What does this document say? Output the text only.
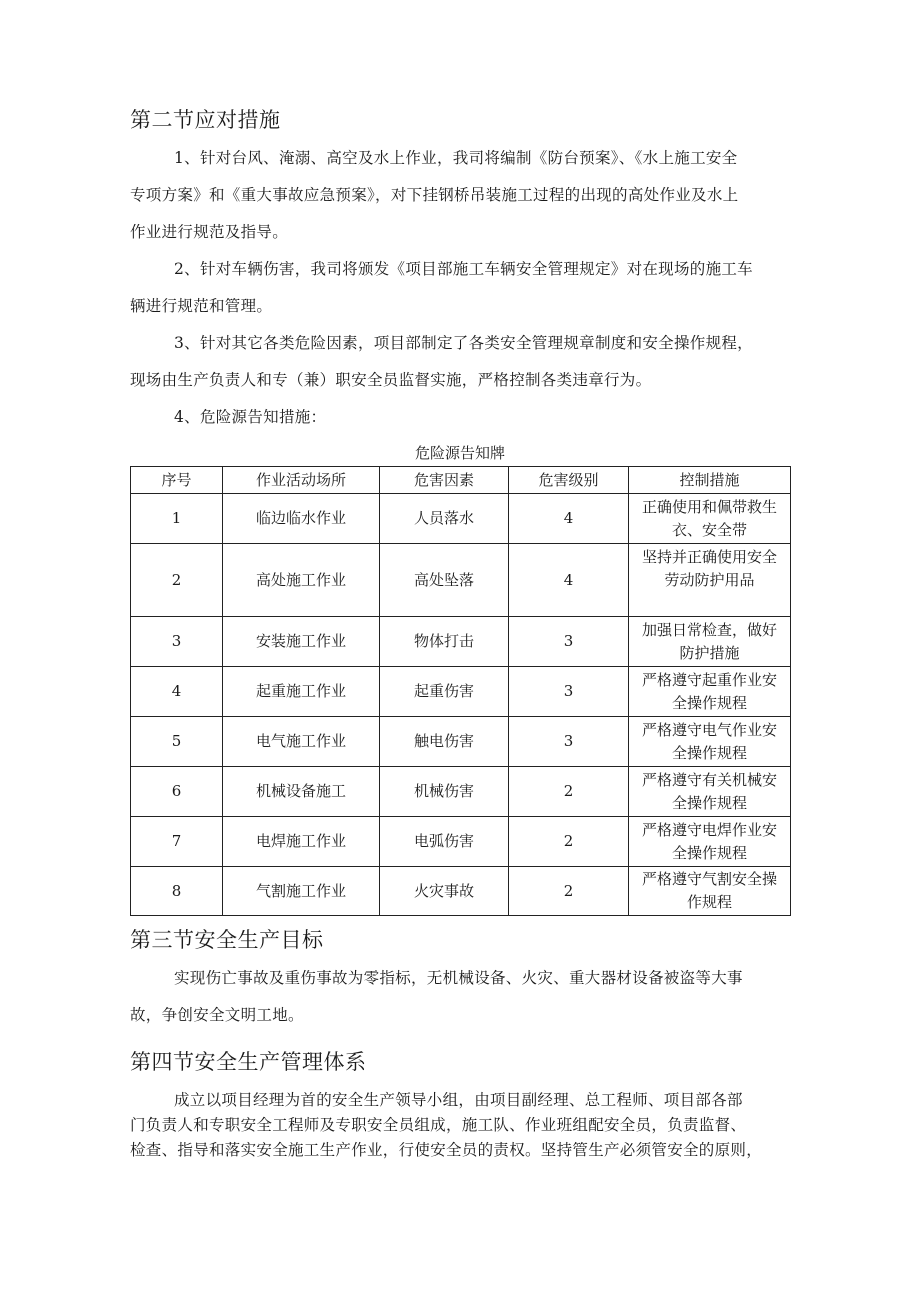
第二节应对措施
1、针对台风、淹溺、高空及水上作业，我司将编制《防台预案》、《水上施工安全
专项方案》和《重大事故应急预案》，对下挂钢桥吊装施工过程的出现的高处作业及水上
作业进行规范及指导。
2、针对车辆伤害，我司将颁发《项目部施工车辆安全管理规定》对在现场的施工车
辆进行规范和管理。
3、针对其它各类危险因素，项目部制定了各类安全管理规章制度和安全操作规程，
现场由生产负责人和专（兼）职安全员监督实施，严格控制各类违章行为。
4、危险源告知措施：
危险源告知牌
序号	作业活动场所	危害因素	危害级别	控制措施
1	临边临水作业	人员落水	4	正确使用和佩带救生
衣、安全带
2	高处施工作业	高处坠落	4	坚持并正确使用安全
劳动防护用品
3	安装施工作业	物体打击	3	加强日常检查，做好
防护措施
4	起重施工作业	起重伤害	3	严格遵守起重作业安
全操作规程
5	电气施工作业	触电伤害	3	严格遵守电气作业安
全操作规程
6	机械设备施工	机械伤害	2	严格遵守有关机械安
全操作规程
7	电焊施工作业	电弧伤害	2	严格遵守电焊作业安
全操作规程
8	气割施工作业	火灾事故	2	严格遵守气割安全操
作规程
第三节安全生产目标
实现伤亡事故及重伤事故为零指标，无机械设备、火灾、重大器材设备被盗等大事
故，争创安全文明工地。
第四节安全生产管理体系
成立以项目经理为首的安全生产领导小组，由项目副经理、总工程师、项目部各部
门负责人和专职安全工程师及专职安全员组成，施工队、作业班组配安全员，负责监督、
检查、指导和落实安全施工生产作业，行使安全员的责权。坚持管生产必须管安全的原则，
